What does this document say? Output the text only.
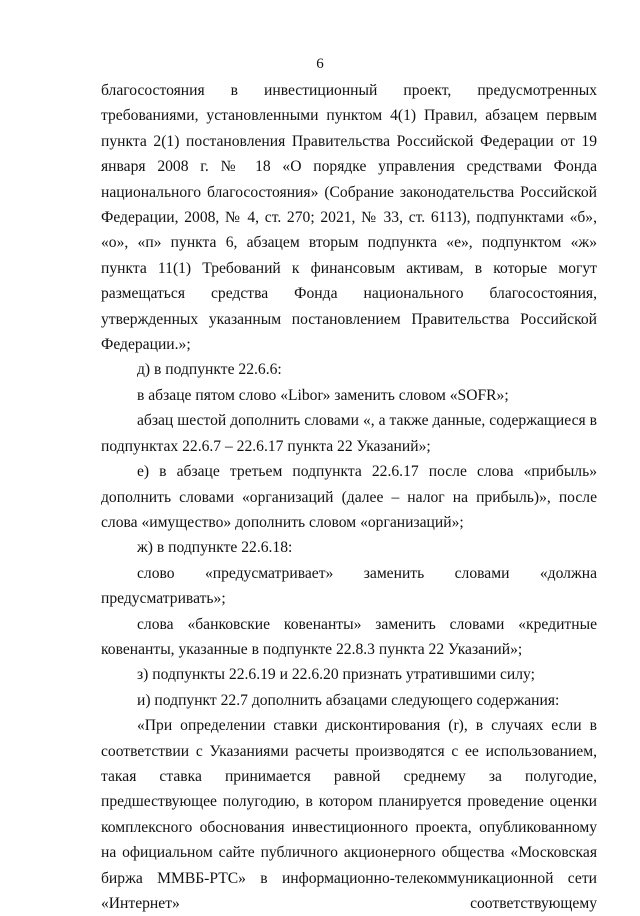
6

благосостояния в инвестиционный проект, предусмотренных требованиями, установленными пунктом 4(1) Правил, абзацем первым пункта 2(1) постановления Правительства Российской Федерации от 19 января 2008 г. № 18 «О порядке управления средствами Фонда национального благосостояния» (Собрание законодательства Российской Федерации, 2008, № 4, ст. 270; 2021, № 33, ст. 6113), подпунктами «б», «о», «п» пункта 6, абзацем вторым подпункта «е», подпунктом «ж» пункта 11(1) Требований к финансовым активам, в которые могут размещаться средства Фонда национального благосостояния, утвержденных указанным постановлением Правительства Российской Федерации.»;

д) в подпункте 22.6.6:

в абзаце пятом слово «Libor» заменить словом «SOFR»;

абзац шестой дополнить словами «, а также данные, содержащиеся в подпунктах 22.6.7 – 22.6.17 пункта 22 Указаний»;

е) в абзаце третьем подпункта 22.6.17 после слова «прибыль» дополнить словами «организаций (далее – налог на прибыль)», после слова «имущество» дополнить словом «организаций»;

ж) в подпункте 22.6.18:

слово «предусматривает» заменить словами «должна предусматривать»;

слова «банковские ковенанты» заменить словами «кредитные ковенанты, указанные в подпункте 22.8.3 пункта 22 Указаний»;

з) подпункты 22.6.19 и 22.6.20 признать утратившими силу;

и) подпункт 22.7 дополнить абзацами следующего содержания:

«При определении ставки дисконтирования (r), в случаях если в соответствии с Указаниями расчеты производятся с ее использованием, такая ставка принимается равной среднему за полугодие, предшествующее полугодию, в котором планируется проведение оценки комплексного обоснования инвестиционного проекта, опубликованному на официальном сайте публичного акционерного общества «Московская биржа ММВБ-РТС» в информационно-телекоммуникационной сети «Интернет» соответствующему
